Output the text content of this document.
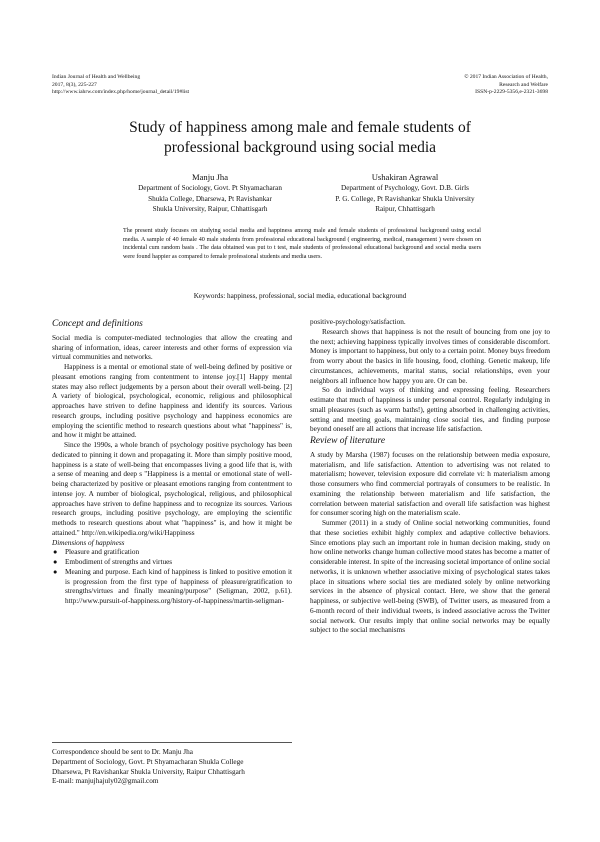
Indian Journal of Health and Wellbeing
2017, 8(3), 225-227
http://www.iahrw.com/index.php/home/journal_detail/19#list
© 2017 Indian Association of Health,
Research and Welfare
ISSN-p-2229-5356,e-2321-3698
Study of happiness among male and female students of
professional background using social media
Manju Jha
Department of Sociology, Govt. Pt Shyamacharan
Shukla College, Dharsewa, Pt Ravishankar
Shukla University, Raipur, Chhattisgarh
Ushakiran Agrawal
Department of Psychology, Govt. D.B. Girls
P. G. College, Pt Ravishankar Shukla University
Raipur, Chhattisgarh
The present study focuses on studying social media and happiness among male and female students of professional background using social media. A sample of 40 female 40 male students from professional educational background ( engineering, medical, management ) were chosen on incidental cum random basis . The data obtained was put to t test, male students of professional educational background and social media users were found happier as compared to female professional students and media users.
Keywords: happiness, professional, social media, educational background
Concept and definitions

Social media is computer-mediated technologies that allow the creating and sharing of information, ideas, career interests and other forms of expression via virtual communities and networks.

Happiness is a mental or emotional state of well-being defined by positive or pleasant emotions ranging from contentment to intense joy.[1] Happy mental states may also reflect judgements by a person about their overall well-being. [2] A variety of biological, psychological, economic, religious and philosophical approaches have striven to define happiness and identify its sources. Various research groups, including positive psychology and happiness economics are employing the scientific method to research questions about what "happiness" is, and how it might be attained.

Since the 1990s, a whole branch of psychology positive psychology has been dedicated to pinning it down and propagating it. More than simply positive mood, happiness is a state of well-being that encompasses living a good life that is, with a sense of meaning and deep s "Happiness is a mental or emotional state of well-being characterized by positive or pleasant emotions ranging from contentment to intense joy. A number of biological, psychological, religious, and philosophical approaches have striven to define happiness and to recognize its sources. Various research groups, including positive psychology, are employing the scientific methods to research questions about what "happiness" is, and how it might be attained." http://en.wikipedia.org/wiki/Happiness

Dimensions of happiness
● Pleasure and gratification
● Embodiment of strengths and virtues
● Meaning and purpose. Each kind of happiness is linked to positive emotion it is progression from the first type of happiness of pleasure/gratification to strengths/virtues and finally meaning/purpose" (Seligman, 2002, p.61). http://www.pursuit-of-happiness.org/history-of-happiness/martin-seligman-

positive-psychology/satisfaction.

Research shows that happiness is not the result of bouncing from one joy to the next; achieving happiness typically involves times of considerable discomfort. Money is important to happiness, but only to a certain point. Money buys freedom from worry about the basics in life housing, food, clothing. Genetic makeup, life circumstances, achievements, marital status, social relationships, even your neighbors all influence how happy you are. Or can be.

So do individual ways of thinking and expressing feeling. Researchers estimate that much of happiness is under personal control. Regularly indulging in small pleasures (such as warm baths!), getting absorbed in challenging activities, setting and meeting goals, maintaining close social ties, and finding purpose beyond oneself are all actions that increase life satisfaction.

Review of literature

A study by Marsha (1987) focuses on the relationship between media exposure, materialism, and life satisfaction. Attention to advertising was not related to materialism; however, television exposure did correlate vi: h materialism among those consumers who find commercial portrayals of consumers to be realistic. In examining the relationship between materialism and life satisfaction, the correlation between material satisfaction and overall life satisfaction was highest for consumer scoring high on the materialism scale.

Summer (2011) in a study of Online social networking communities, found that these societies exhibit highly complex and adaptive collective behaviors. Since emotions play such an important role in human decision making, study on how online networks change human collective mood states has become a matter of considerable interest. In spite of the increasing societal importance of online social networks, it is unknown whether associative mixing of psychological states takes place in situations where social ties are mediated solely by online networking services in the absence of physical contact. Here, we show that the general happiness, or subjective well-being (SWB), of Twitter users, as measured from a 6-month record of their individual tweets, is indeed associative across the Twitter social network. Our results imply that online social networks may be equally subject to the social mechanisms

Correspondence should be sent to Dr. Manju Jha
Department of Sociology, Govt. Pt Shyamacharan Shukla College
Dharsewa, Pt Ravishankar Shukla University, Raipur Chhattisgarh
E-mail: manjujhajuly02@gmail.com
